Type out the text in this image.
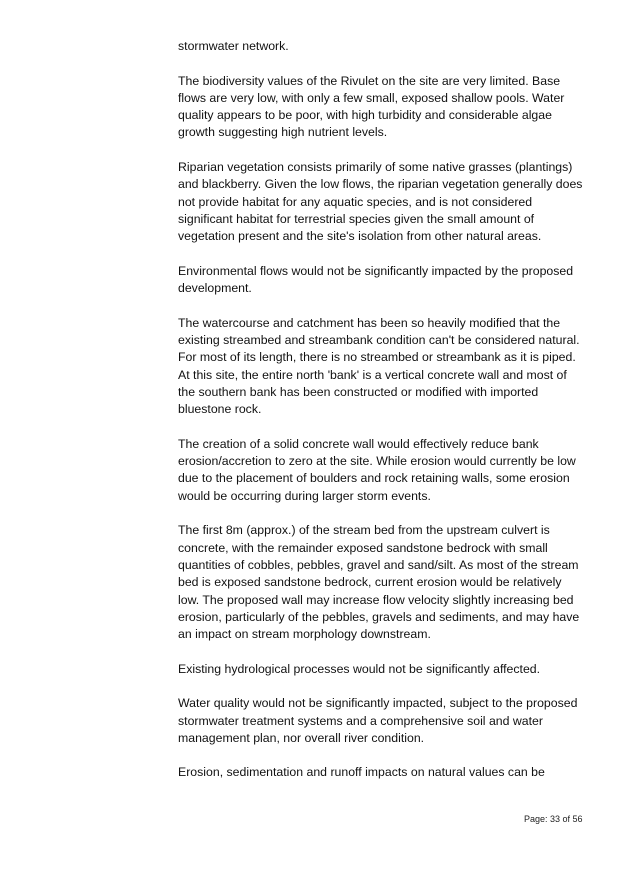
stormwater network.

The biodiversity values of the Rivulet on the site are very limited. Base flows are very low, with only a few small, exposed shallow pools. Water quality appears to be poor, with high turbidity and considerable algae growth suggesting high nutrient levels.

Riparian vegetation consists primarily of some native grasses (plantings) and blackberry. Given the low flows, the riparian vegetation generally does not provide habitat for any aquatic species, and is not considered significant habitat for terrestrial species given the small amount of vegetation present and the site's isolation from other natural areas.

Environmental flows would not be significantly impacted by the proposed development.

The watercourse and catchment has been so heavily modified that the existing streambed and streambank condition can't be considered natural. For most of its length, there is no streambed or streambank as it is piped. At this site, the entire north 'bank' is a vertical concrete wall and most of the southern bank has been constructed or modified with imported bluestone rock.

The creation of a solid concrete wall would effectively reduce bank erosion/accretion to zero at the site. While erosion would currently be low due to the placement of boulders and rock retaining walls, some erosion would be occurring during larger storm events.

The first 8m (approx.) of the stream bed from the upstream culvert is concrete, with the remainder exposed sandstone bedrock with small quantities of cobbles, pebbles, gravel and sand/silt. As most of the stream bed is exposed sandstone bedrock, current erosion would be relatively low. The proposed wall may increase flow velocity slightly increasing bed erosion, particularly of the pebbles, gravels and sediments, and may have an impact on stream morphology downstream.

Existing hydrological processes would not be significantly affected.

Water quality would not be significantly impacted, subject to the proposed stormwater treatment systems and a comprehensive soil and water management plan, nor overall river condition.

Erosion, sedimentation and runoff impacts on natural values can be

Page: 33 of 56
